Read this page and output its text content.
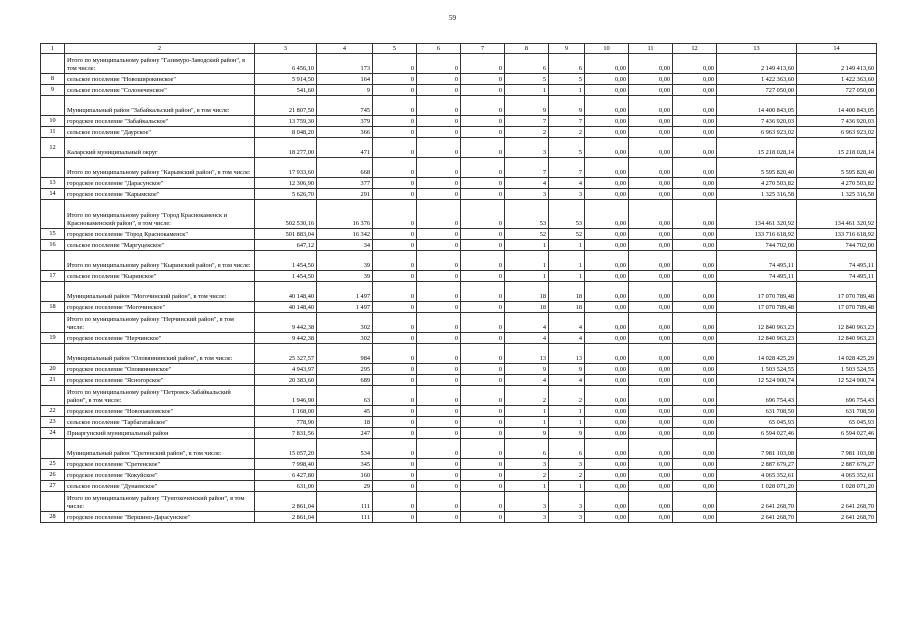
59
1	2	3	4	5	6	7	8	9	10	11	12	13	14
	Итого по муниципальному району "Газимуро-Заводский район", в том числе:	6 456,10	173	0	0	0	6	6	0,00	0,00	0,00	2 149 413,60	2 149 413,60
8	сельское поселение "Новоширокинское"	5 914,50	164	0	0	0	5	5	0,00	0,00	0,00	1 422 363,60	1 422 363,60
9	сельское поселение "Солонеченское"	541,60	9	0	0	0	1	1	0,00	0,00	0,00	727 050,00	727 050,00
	Муниципальный район "Забайкальский район", в том числе:	21 807,50	745	0	0	0	9	9	0,00	0,00	0,00	14 400 843,05	14 400 843,05
10	городское поселение "Забайкальское"	13 759,30	379	0	0	0	7	7	0,00	0,00	0,00	7 436 920,03	7 436 920,03
11	сельское поселение "Даурское"	8 048,20	366	0	0	0	2	2	0,00	0,00	0,00	6 963 923,02	6 963 923,02
12	Каларский муниципальный округ	18 277,00	471	0	0	0	3	5	0,00	0,00	0,00	15 218 028,14	15 218 028,14
	Итого по муниципальному району "Карымский район", в том числе:	17 933,60	668	0	0	0	7	7	0,00	0,00	0,00	5 595 820,40	5 595 820,40
13	городское поселение "Дарасунское"	12 306,90	377	0	0	0	4	4	0,00	0,00	0,00	4 270 503,82	4 270 503,82
14	городское поселение "Карымское"	5 626,70	291	0	0	0	3	3	0,00	0,00	0,00	1 325 316,58	1 325 316,58
	Итого по муниципальному району "Город Краснокаменск и Краснокаменский район", в том числе:	502 530,16	16 376	0	0	0	53	53	0,00	0,00	0,00	134 461 320,92	134 461 320,92
15	городское поселение "Город Краснокаменск"	501 883,04	16 342	0	0	0	52	52	0,00	0,00	0,00	133 716 618,92	133 716 618,92
16	сельское поселение "Маргуцекское"	647,12	34	0	0	0	1	1	0,00	0,00	0,00	744 702,00	744 702,00
	Итого по муниципальному району "Кыринский район", в том числе:	1 454,50	39	0	0	0	1	1	0,00	0,00	0,00	74 495,11	74 495,11
17	сельское поселение "Кыринское"	1 454,50	39	0	0	0	1	1	0,00	0,00	0,00	74 495,11	74 495,11
	Муниципальный район "Могочинский район", в том числе:	40 148,40	1 497	0	0	0	18	18	0,00	0,00	0,00	17 070 789,48	17 070 789,48
18	городское поселение "Могочинское"	40 148,40	1 497	0	0	0	18	18	0,00	0,00	0,00	17 070 789,48	17 070 789,48
	Итого по муниципальному району "Нерчинский район", в том числе:	9 442,38	302	0	0	0	4	4	0,00	0,00	0,00	12 840 963,23	12 840 963,23
19	городское поселение "Нерчинское"	9 442,38	302	0	0	0	4	4	0,00	0,00	0,00	12 840 963,23	12 840 963,23
	Муниципальный район "Оловяннинский район", в том числе:	25 327,57	984	0	0	0	13	13	0,00	0,00	0,00	14 028 425,29	14 028 425,29
20	городское поселение "Оловяннинское"	4 943,97	295	0	0	0	9	9	0,00	0,00	0,00	1 503 524,55	1 503 524,55
21	городское поселение "Ясногорское"	20 383,60	689	0	0	0	4	4	0,00	0,00	0,00	12 524 900,74	12 524 900,74
	Итого по муниципальному району "Петровск-Забайкальский район", в том числе:	1 946,90	63	0	0	0	2	2	0,00	0,00	0,00	696 754,43	696 754,43
22	городское поселение "Новопавловское"	1 168,00	45	0	0	0	1	1	0,00	0,00	0,00	631 708,50	631 708,50
23	сельское поселение "Тарбагатайское"	778,90	18	0	0	0	1	1	0,00	0,00	0,00	65 045,93	65 045,93
24	Приаргунский муниципальный район	7 831,56	247	0	0	0	9	9	0,00	0,00	0,00	6 594 027,46	6 594 027,46
	Муниципальный район "Сретенский район", в том числе:	15 057,20	534	0	0	0	6	6	0,00	0,00	0,00	7 981 103,08	7 981 103,08
25	городское поселение "Сретенское"	7 998,40	345	0	0	0	3	3	0,00	0,00	0,00	2 887 679,27	2 887 679,27
26	городское поселение "Кокуйское"	6 427,80	160	0	0	0	2	2	0,00	0,00	0,00	4 065 352,61	4 065 352,61
27	сельское поселение "Дунаевское"	631,00	29	0	0	0	1	1	0,00	0,00	0,00	1 028 071,20	1 028 071,20
	Итого по муниципальному району "Тунгокоченский район", в том числе:	2 861,04	111	0	0	0	3	3	0,00	0,00	0,00	2 641 268,70	2 641 268,70
28	городское поселение "Вершино-Дарасунское"	2 861,04	111	0	0	0	3	3	0,00	0,00	0,00	2 641 268,70	2 641 268,70
